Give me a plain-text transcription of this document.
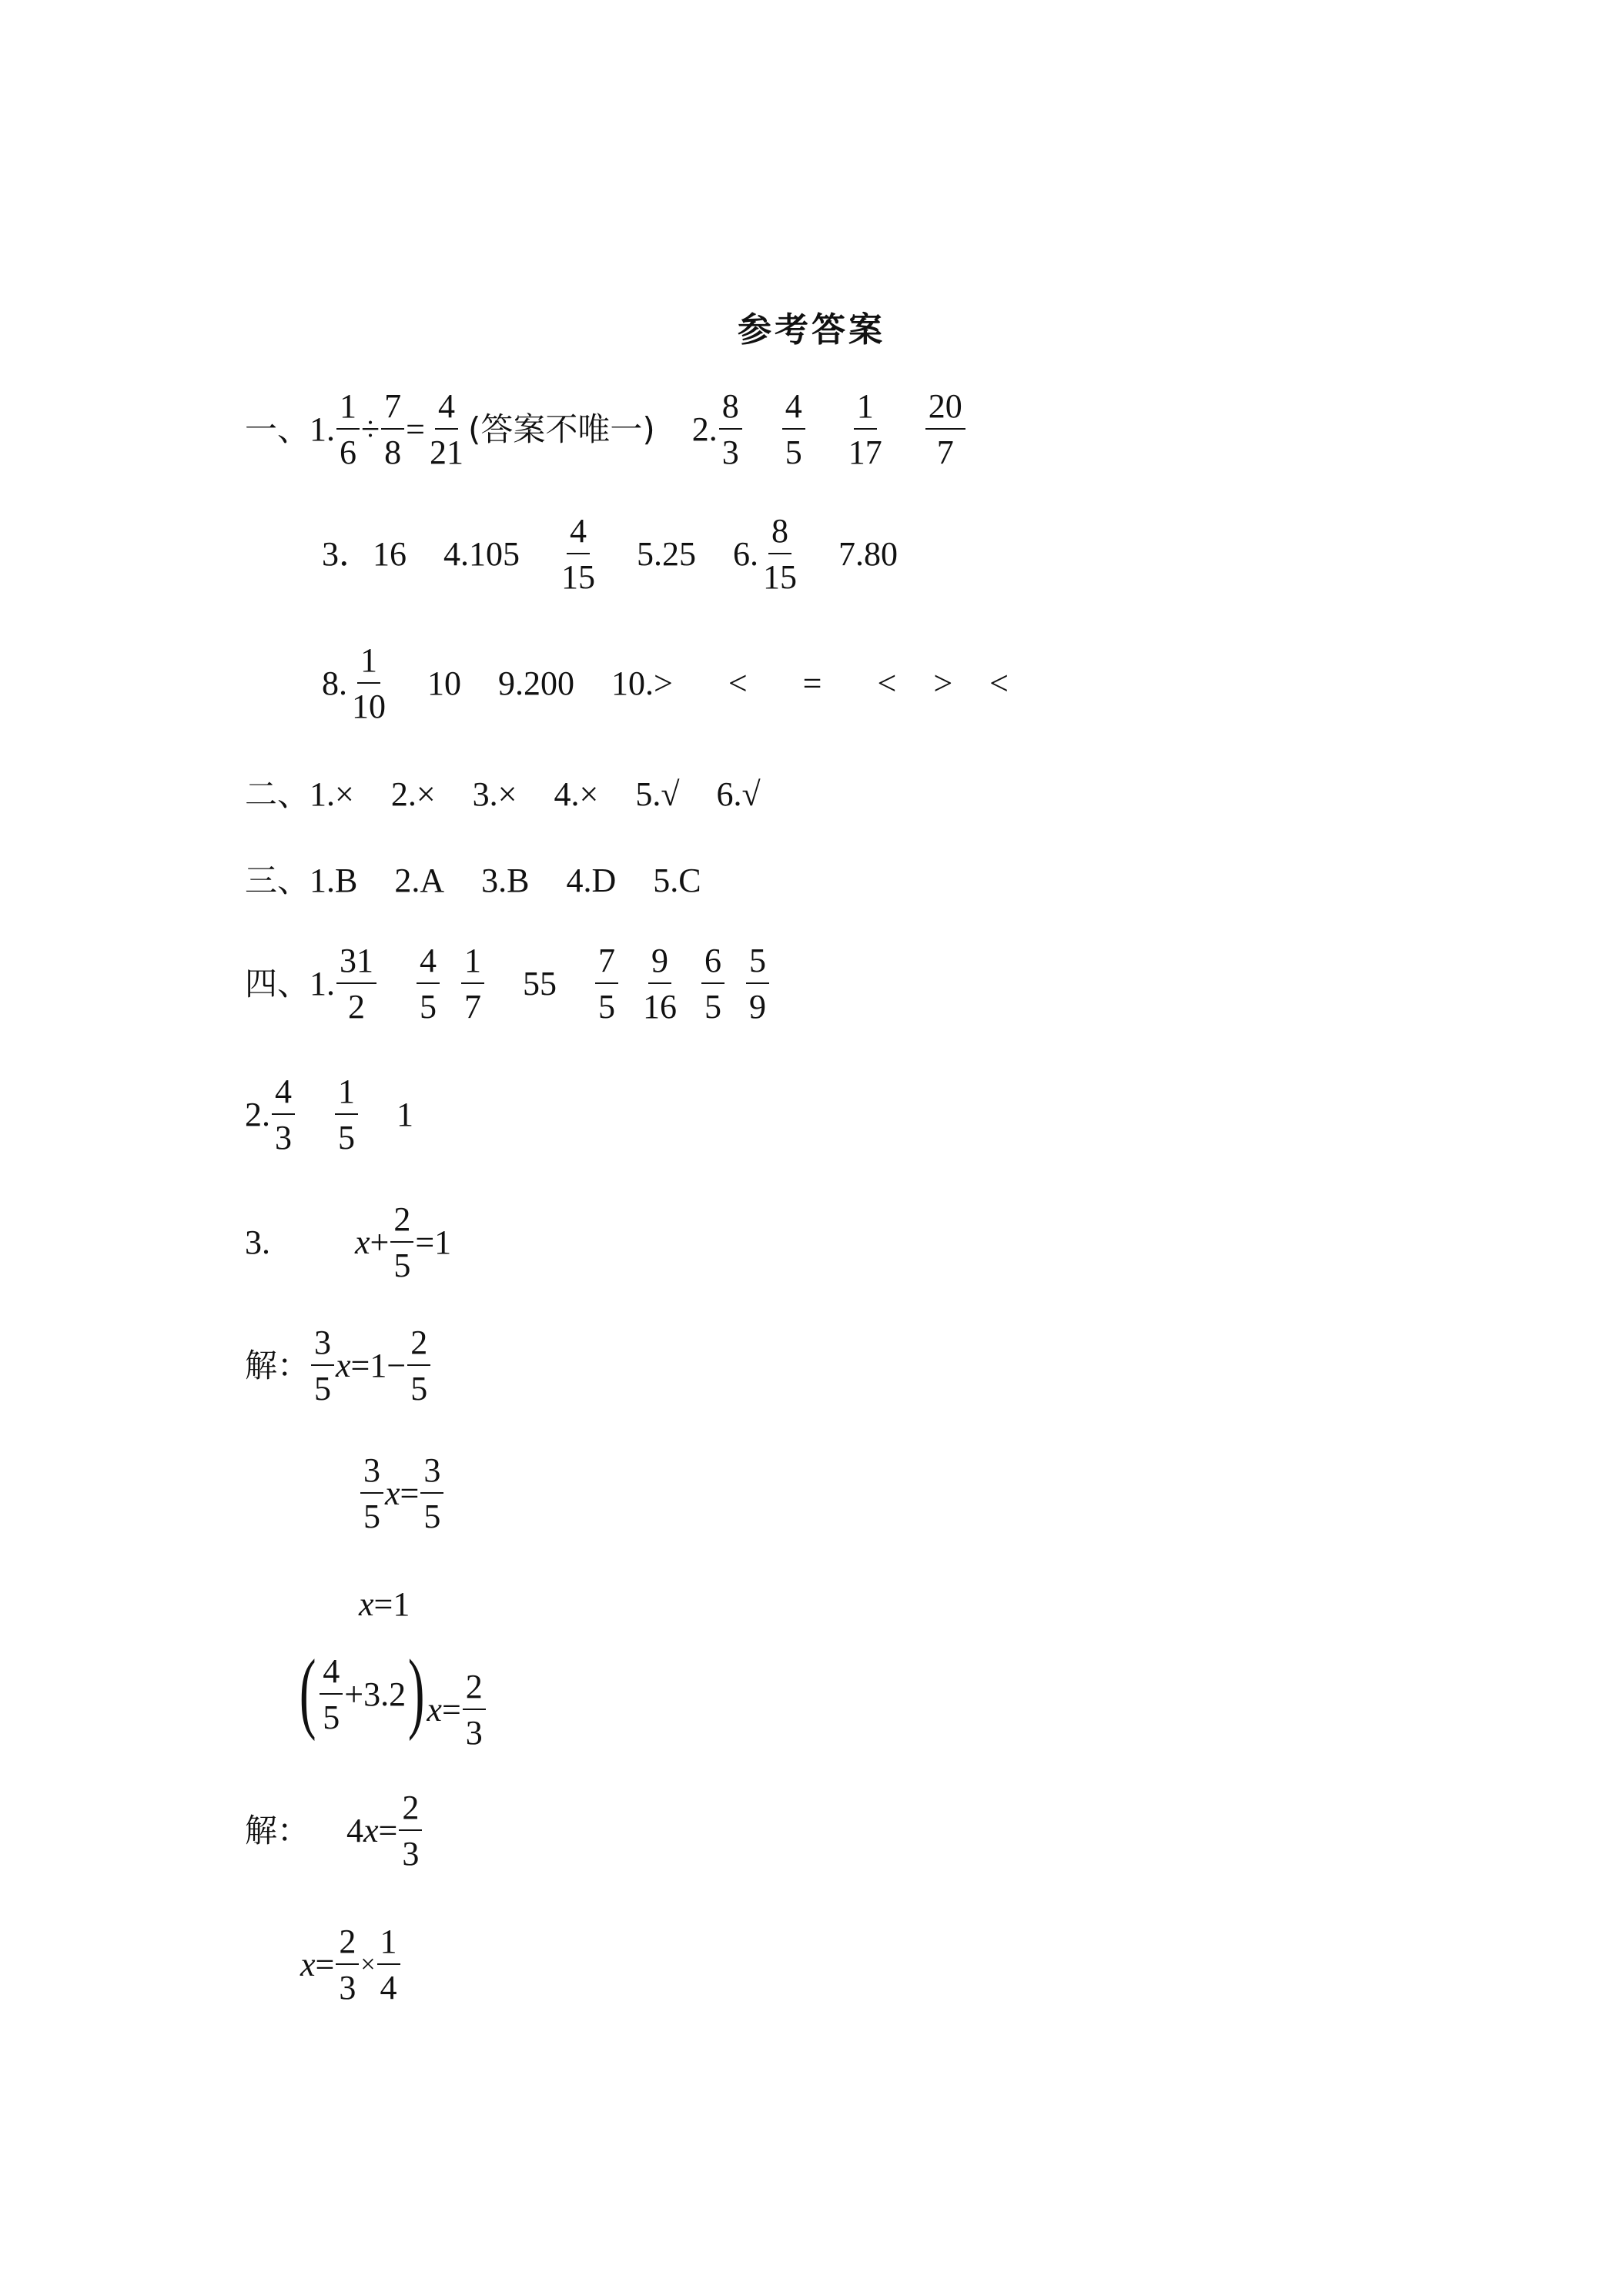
参考答案
一、 1. $\frac{1}{6} \div \frac{7}{8} = \frac{4}{21}$ (答案不唯一) 2. $\frac{8}{3} \frac{4}{5} \frac{1}{17} \frac{20}{7}$
3．16 $4.105 \frac{4}{15} 5.25$ 6. $\frac{8}{15} 7.80$
8. $\frac{1}{10} 10$ 9.200 10.> < = < > <
二、 1.× 2.× 3.× 4.× 5.√ 6.√
三、 1.B 2.A 3.B 4.D 5.C
四、 1. $\frac{31}{2} \frac{4}{5} \frac{1}{7} 55 \frac{7}{5} \frac{9}{16} \frac{6}{5} \frac{5}{9}$
2. $\frac{4}{3} \frac{1}{5} 1$
3.	$x + \frac{2}{5} =1$
解： $\frac{3}{5}$ $x =1- \frac{2}{5}$
$\frac{3}{5}$ $x = \frac{3}{5}$
x =1
( $\frac{4}{5} +3.2$ ) $x = \frac{2}{3}$
解： 4 $x = \frac{2}{3}$
$x = \frac{2}{3} \times \frac{1}{4}$
